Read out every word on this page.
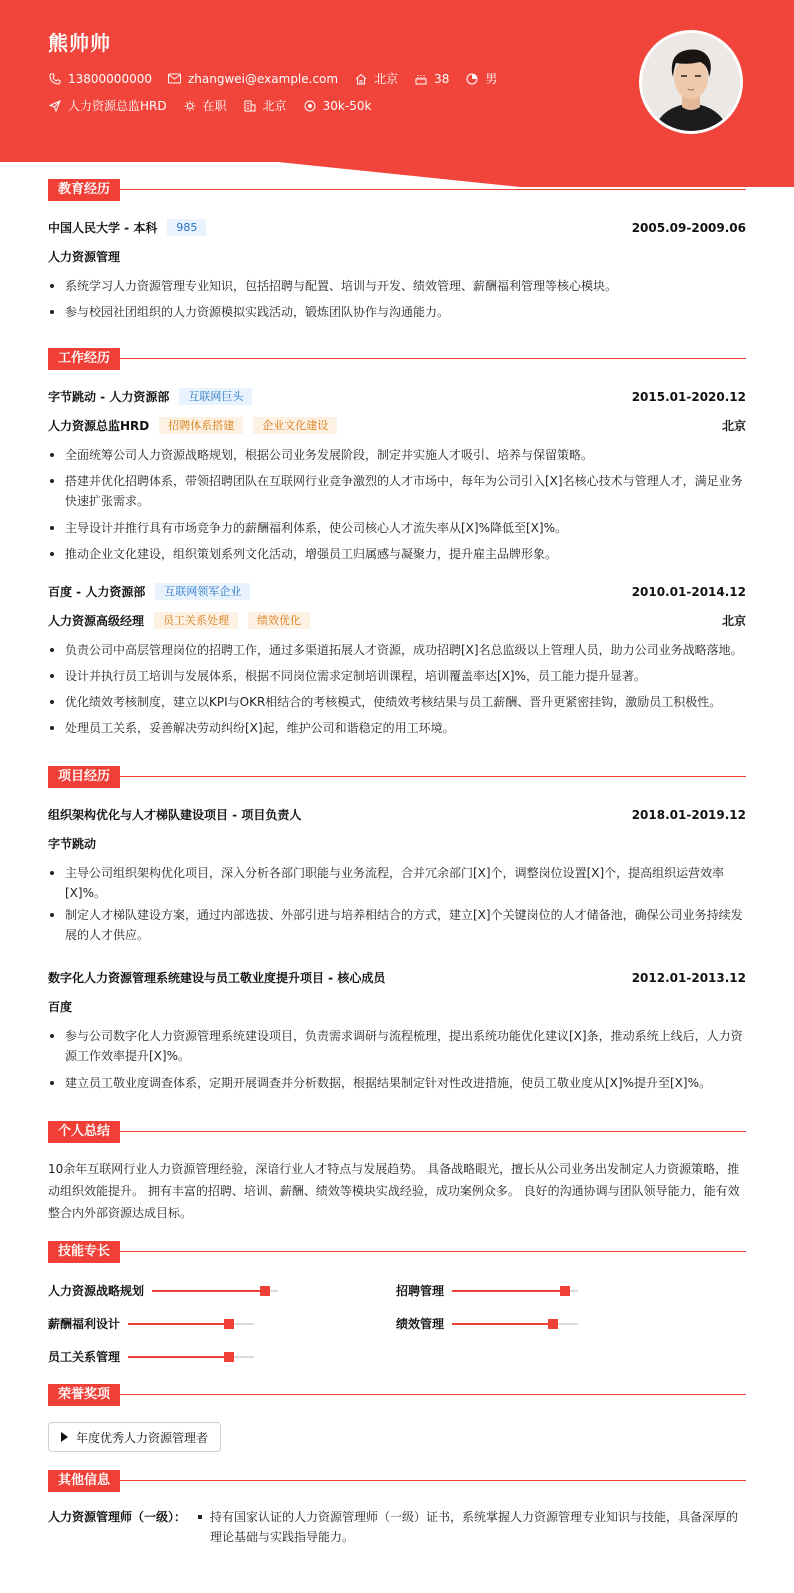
熊帅帅
13800000000	zhangwei@example.com	北京	38	男
人力资源总监HRD	在职	北京	30k-50k
教育经历
中国人民大学 - 本科	985	2005.09-2009.06
人力资源管理
系统学习人力资源管理专业知识，包括招聘与配置、培训与开发、绩效管理、薪酬福利管理等核心模块。
参与校园社团组织的人力资源模拟实践活动，锻炼团队协作与沟通能力。
工作经历
字节跳动 - 人力资源部	互联网巨头	2015.01-2020.12
人力资源总监HRD	招聘体系搭建	企业文化建设	北京
全面统筹公司人力资源战略规划，根据公司业务发展阶段，制定并实施人才吸引、培养与保留策略。
搭建并优化招聘体系，带领招聘团队在互联网行业竞争激烈的人才市场中，每年为公司引入[X]名核心技术与管理人才，满足业务快速扩张需求。
主导设计并推行具有市场竞争力的薪酬福利体系，使公司核心人才流失率从[X]%降低至[X]%。
推动企业文化建设，组织策划系列文化活动，增强员工归属感与凝聚力，提升雇主品牌形象。
百度 - 人力资源部	互联网领军企业	2010.01-2014.12
人力资源高级经理	员工关系处理	绩效优化	北京
负责公司中高层管理岗位的招聘工作，通过多渠道拓展人才资源，成功招聘[X]名总监级以上管理人员，助力公司业务战略落地。
设计并执行员工培训与发展体系，根据不同岗位需求定制培训课程，培训覆盖率达[X]%，员工能力提升显著。
优化绩效考核制度，建立以KPI与OKR相结合的考核模式，使绩效考核结果与员工薪酬、晋升更紧密挂钩，激励员工积极性。
处理员工关系，妥善解决劳动纠纷[X]起，维护公司和谐稳定的用工环境。
项目经历
组织架构优化与人才梯队建设项目 - 项目负责人	2018.01-2019.12
字节跳动
主导公司组织架构优化项目，深入分析各部门职能与业务流程，合并冗余部门[X]个，调整岗位设置[X]个，提高组织运营效率[X]%。
制定人才梯队建设方案，通过内部选拔、外部引进与培养相结合的方式，建立[X]个关键岗位的人才储备池，确保公司业务持续发展的人才供应。
数字化人力资源管理系统建设与员工敬业度提升项目 - 核心成员	2012.01-2013.12
百度
参与公司数字化人力资源管理系统建设项目，负责需求调研与流程梳理，提出系统功能优化建议[X]条，推动系统上线后，人力资源工作效率提升[X]%。
建立员工敬业度调查体系，定期开展调查并分析数据，根据结果制定针对性改进措施，使员工敬业度从[X]%提升至[X]%。
个人总结
10余年互联网行业人力资源管理经验，深谙行业人才特点与发展趋势。 具备战略眼光，擅长从公司业务出发制定人力资源策略，推动组织效能提升。 拥有丰富的招聘、培训、薪酬、绩效等模块实战经验，成功案例众多。 良好的沟通协调与团队领导能力，能有效整合内外部资源达成目标。
技能专长
人力资源战略规划	招聘管理
薪酬福利设计	绩效管理
员工关系管理
荣誉奖项
年度优秀人力资源管理者
其他信息
人力资源管理师（一级）：	持有国家认证的人力资源管理师（一级）证书，系统掌握人力资源管理专业知识与技能，具备深厚的理论基础与实践指导能力。
